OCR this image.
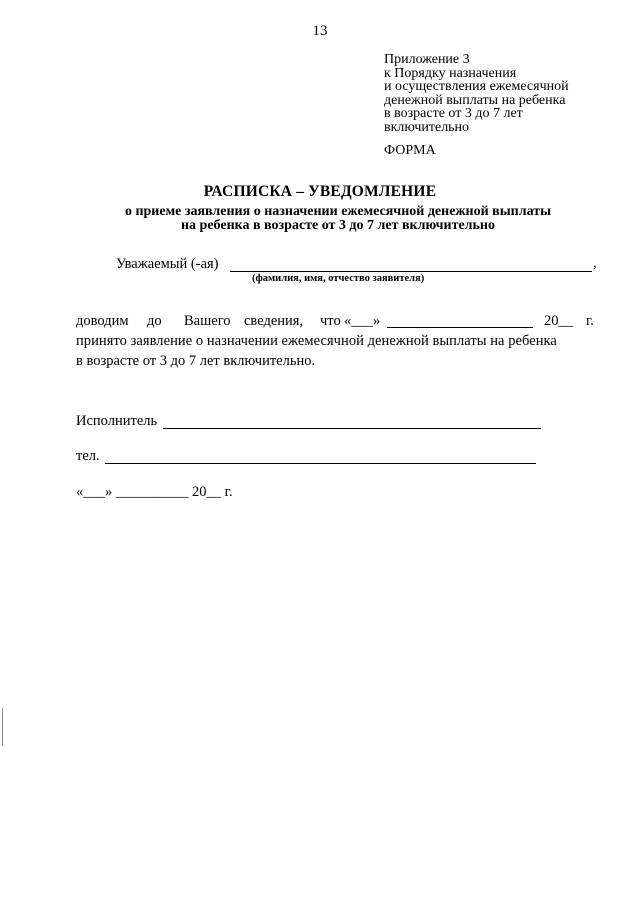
13
Приложение 3
к Порядку назначения
и осуществления ежемесячной
денежной выплаты на ребенка
в возрасте от 3 до 7 лет
включительно
ФОРМА
РАСПИСКА – УВЕДОМЛЕНИЕ
о приеме заявления о назначении ежемесячной денежной выплаты
на ребенка в возрасте от 3 до 7 лет включительно
Уважаемый (-ая)	,
(фамилия, имя, отчество заявителя)
доводим до Вашего сведения, что «___»	20__ г.
принято заявление о назначении ежемесячной денежной выплаты на ребенка
в возрасте от 3 до 7 лет включительно.
Исполнитель
тел.
«___» __________ 20__ г.
